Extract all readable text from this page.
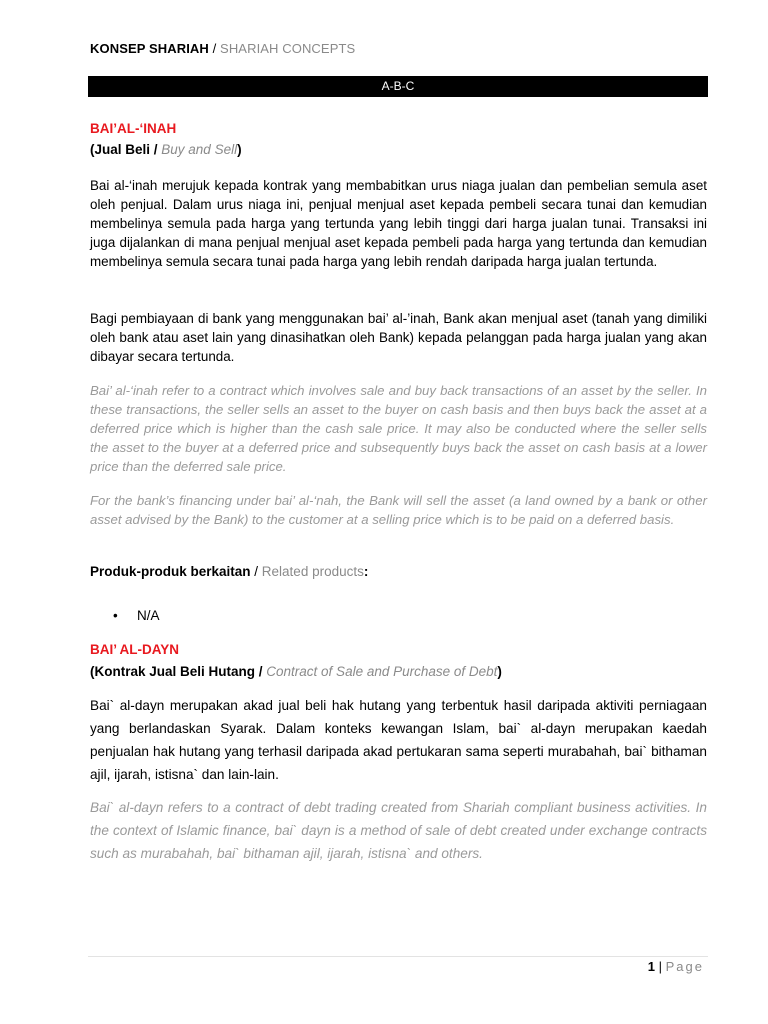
KONSEP SHARIAH / SHARIAH CONCEPTS
A-B-C
BAI’AL-‘INAH
(Jual Beli / Buy and Sell)

Bai al-‘inah merujuk kepada kontrak yang membabitkan urus niaga jualan dan pembelian semula aset oleh penjual. Dalam urus niaga ini, penjual menjual aset kepada pembeli secara tunai dan kemudian membelinya semula pada harga yang tertunda yang lebih tinggi dari harga jualan tunai. Transaksi ini juga dijalankan di mana penjual menjual aset kepada pembeli pada harga yang tertunda dan kemudian membelinya semula secara tunai pada harga yang lebih rendah daripada harga jualan tertunda.

Bagi pembiayaan di bank yang menggunakan bai’ al-’inah, Bank akan menjual aset (tanah yang dimiliki oleh bank atau aset lain yang dinasihatkan oleh Bank) kepada pelanggan pada harga jualan yang akan dibayar secara tertunda.

Bai’ al-‘inah refer to a contract which involves sale and buy back transactions of an asset by the seller. In these transactions, the seller sells an asset to the buyer on cash basis and then buys back the asset at a deferred price which is higher than the cash sale price. It may also be conducted where the seller sells the asset to the buyer at a deferred price and subsequently buys back the asset on cash basis at a lower price than the deferred sale price.

For the bank’s financing under bai’ al-‘nah, the Bank will sell the asset (a land owned by a bank or other asset advised by the Bank) to the customer at a selling price which is to be paid on a deferred basis.

Produk-produk berkaitan / Related products:
• N/A
BAI’ AL-DAYN
(Kontrak Jual Beli Hutang / Contract of Sale and Purchase of Debt)

Bai` al-dayn merupakan akad jual beli hak hutang yang terbentuk hasil daripada aktiviti perniagaan yang berlandaskan Syarak. Dalam konteks kewangan Islam, bai` al-dayn merupakan kaedah penjualan hak hutang yang terhasil daripada akad pertukaran sama seperti murabahah, bai` bithaman ajil, ijarah, istisna` dan lain-lain.

Bai` al-dayn refers to a contract of debt trading created from Shariah compliant business activities. In the context of Islamic finance, bai` dayn is a method of sale of debt created under exchange contracts such as murabahah, bai` bithaman ajil, ijarah, istisna` and others.

1 | Page
